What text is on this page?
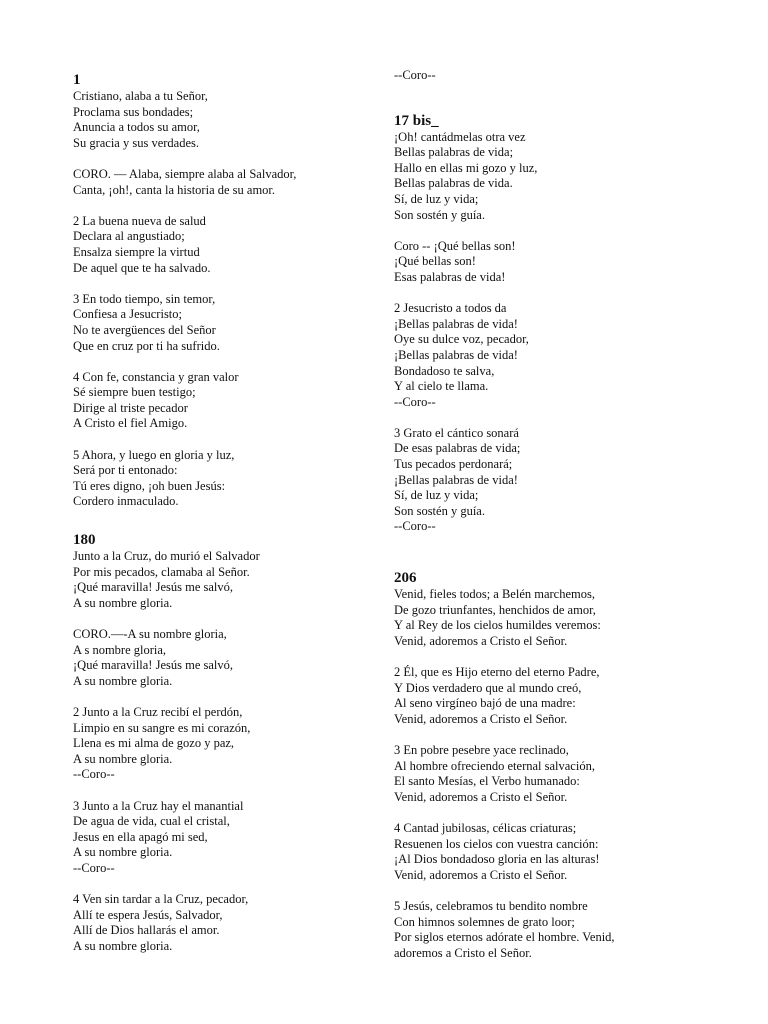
1
Cristiano, alaba a tu Señor,
Proclama sus bondades;
Anuncia a todos su amor,
Su gracia y sus verdades.
CORO. — Alaba, siempre alaba al Salvador,
Canta, ¡oh!, canta la historia de su amor.
2 La buena nueva de salud
Declara al angustiado;
Ensalza siempre la virtud
De aquel que te ha salvado.
3 En todo tiempo, sin temor,
Confiesa a Jesucristo;
No te avergüences del Señor
Que en cruz por ti ha sufrido.
4 Con fe, constancia y gran valor
Sé siempre buen testigo;
Dirige al triste pecador
A Cristo el fiel Amigo.
5 Ahora, y luego en gloria y luz,
Será por ti entonado:
Tú eres digno, ¡oh buen Jesús:
Cordero inmaculado.
180
Junto a la Cruz, do murió el Salvador
Por mis pecados, clamaba al Señor.
¡Qué maravilla! Jesús me salvó,
A su nombre gloria.
CORO.—-A su nombre gloria,
A s nombre gloria,
¡Qué maravilla! Jesús me salvó,
A su nombre gloria.
2 Junto a la Cruz recibí el perdón,
Limpio en su sangre es mi corazón,
Llena es mi alma de gozo y paz,
A su nombre gloria.
--Coro--
3 Junto a la Cruz hay el manantial
De agua de vida, cual el cristal,
Jesus en ella apagó mi sed,
A su nombre gloria.
--Coro--
4 Ven sin tardar a la Cruz, pecador,
Allí te espera Jesús, Salvador,
Allí de Dios hallarás el amor.
A su nombre gloria.
--Coro--
17 bis_
¡Oh! cantádmelas otra vez
Bellas palabras de vida;
Hallo en ellas mi gozo y luz,
Bellas palabras de vida.
Sí, de luz y vida;
Son sostén y guía.
Coro -- ¡Qué bellas son!
¡Qué bellas son!
Esas palabras de vida!
2 Jesucristo a todos da
¡Bellas palabras de vida!
Oye su dulce voz, pecador,
¡Bellas palabras de vida!
Bondadoso te salva,
Y al cielo te llama.
--Coro--
3 Grato el cántico sonará
De esas palabras de vida;
Tus pecados perdonará;
¡Bellas palabras de vida!
Sí, de luz y vida;
Son sostén y guía.
--Coro--
206
Venid, fieles todos; a Belén marchemos,
De gozo triunfantes, henchidos de amor,
Y al Rey de los cielos humildes veremos:
Venid, adoremos a Cristo el Señor.
2 Él, que es Hijo eterno del eterno Padre,
Y Dios verdadero que al mundo creó,
Al seno virgíneo bajó de una madre:
Venid, adoremos a Cristo el Señor.
3 En pobre pesebre yace reclinado,
Al hombre ofreciendo eternal salvación,
El santo Mesías, el Verbo humanado:
Venid, adoremos a Cristo el Señor.
4 Cantad jubilosas, célicas criaturas;
Resuenen los cielos con vuestra canción:
¡Al Dios bondadoso gloria en las alturas!
Venid, adoremos a Cristo el Señor.
5 Jesús, celebramos tu bendito nombre
Con himnos solemnes de grato loor;
Por siglos eternos adórate el hombre. Venid,
adoremos a Cristo el Señor.
